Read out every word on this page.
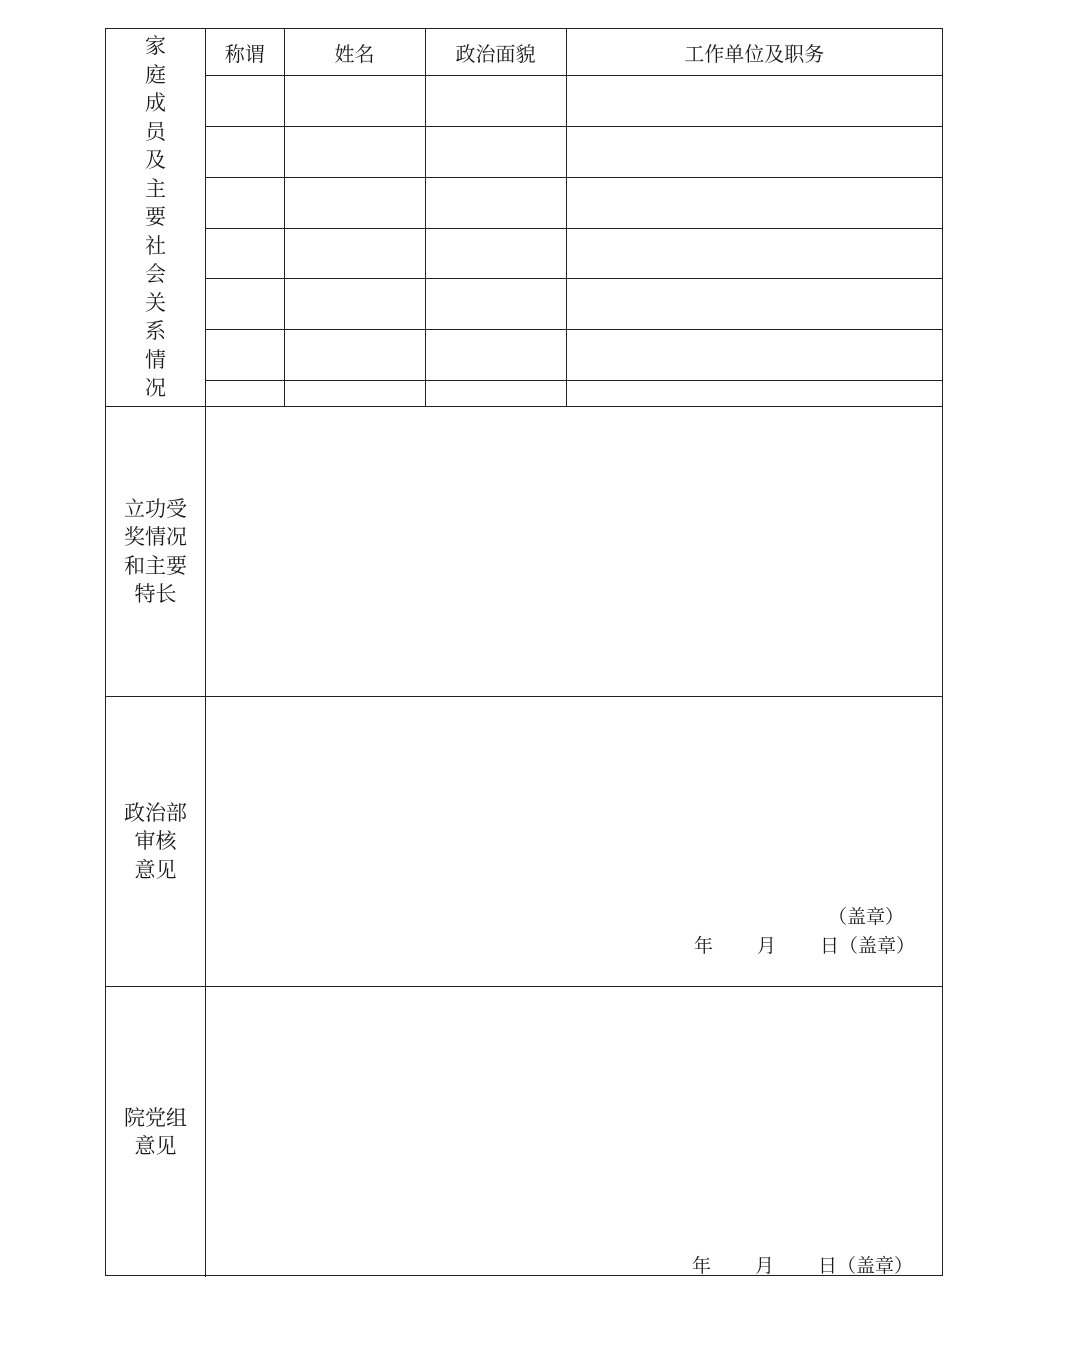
家庭成员及主要社会关系情况
称谓	姓名	政治面貌	工作单位及职务

立功受
奖情况
和主要
特长
政治部
审核
意见
（盖章）
年 月 日（盖章）
院党组
意见
年 月 日（盖章）
